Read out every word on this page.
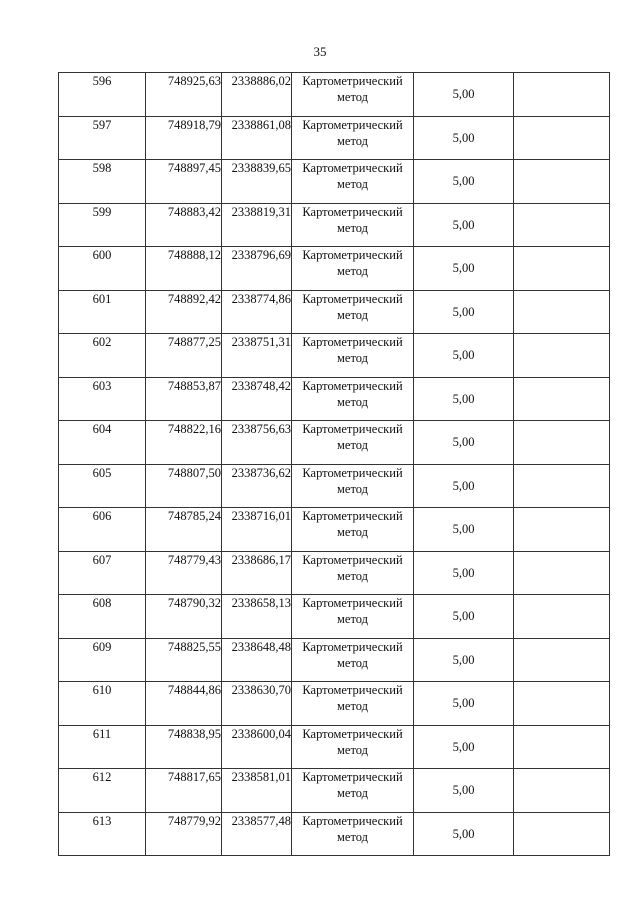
35
596	748925,63	2338886,02	Картометрический
метод	5,00	
597	748918,79	2338861,08	Картометрический
метод	5,00	
598	748897,45	2338839,65	Картометрический
метод	5,00	
599	748883,42	2338819,31	Картометрический
метод	5,00	
600	748888,12	2338796,69	Картометрический
метод	5,00	
601	748892,42	2338774,86	Картометрический
метод	5,00	
602	748877,25	2338751,31	Картометрический
метод	5,00	
603	748853,87	2338748,42	Картометрический
метод	5,00	
604	748822,16	2338756,63	Картометрический
метод	5,00	
605	748807,50	2338736,62	Картометрический
метод	5,00	
606	748785,24	2338716,01	Картометрический
метод	5,00	
607	748779,43	2338686,17	Картометрический
метод	5,00	
608	748790,32	2338658,13	Картометрический
метод	5,00	
609	748825,55	2338648,48	Картометрический
метод	5,00	
610	748844,86	2338630,70	Картометрический
метод	5,00	
611	748838,95	2338600,04	Картометрический
метод	5,00	
612	748817,65	2338581,01	Картометрический
метод	5,00	
613	748779,92	2338577,48	Картометрический
метод	5,00	
